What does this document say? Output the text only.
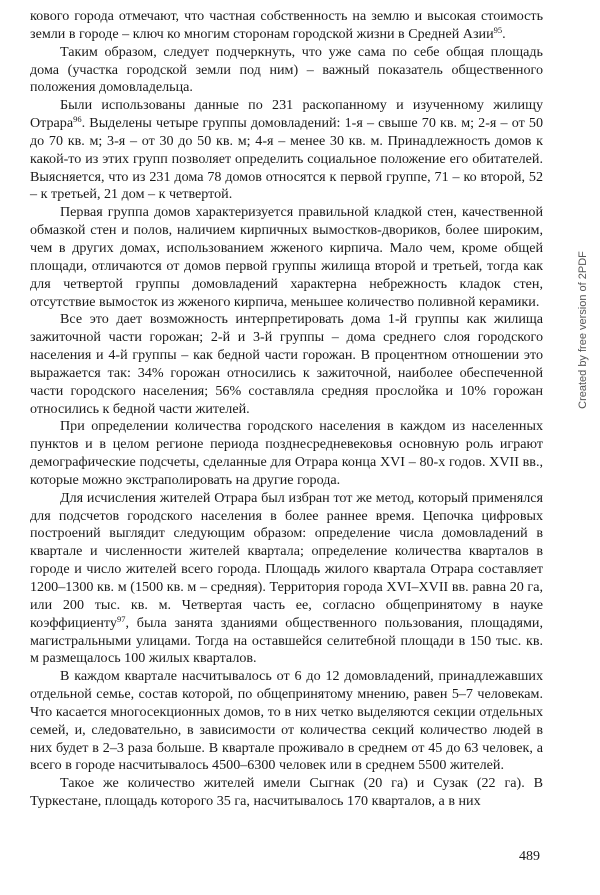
кового города отмечают, что частная собственность на землю и высокая стоимость земли в городе – ключ ко многим сторонам городской жизни в Средней Азии$^{95}$.

Таким образом, следует подчеркнуть, что уже сама по себе общая площадь дома (участка городской земли под ним) – важный показатель общественного положения домовладельца.

Были использованы данные по 231 раскопанному и изученному жилищу Отрара$^{96}$. Выделены четыре группы домовладений: 1-я – свыше 70 кв. м; 2-я – от 50 до 70 кв. м; 3-я – от 30 до 50 кв. м; 4-я – менее 30 кв. м. Принадлежность домов к какой-то из этих групп позволяет определить социальное положение его обитателей. Выясняется, что из 231 дома 78 домов относятся к первой группе, 71 – ко второй, 52 – к третьей, 21 дом – к четвертой.

Первая группа домов характеризуется правильной кладкой стен, качественной обмазкой стен и полов, наличием кирпичных вымостков-двориков, более широким, чем в других домах, использованием жженого кирпича. Мало чем, кроме общей площади, отличаются от домов первой группы жилища второй и третьей, тогда как для четвертой группы домовладений характерна небрежность кладок стен, отсутствие вымосток из жженого кирпича, меньшее количество поливной керамики.

Все это дает возможность интерпретировать дома 1-й группы как жилища зажиточной части горожан; 2-й и 3-й группы – дома среднего слоя городского населения и 4-й группы – как бедной части горожан. В процентном отношении это выражается так: 34% горожан относились к зажиточной, наиболее обеспеченной части городского населения; 56% составляла средняя прослойка и 10% горожан относились к бедной части жителей.

При определении количества городского населения в каждом из населенных пунктов и в целом регионе периода позднесредневековья основную роль играют демографические подсчеты, сделанные для Отрара конца XVI – 80-х годов. XVII вв., которые можно экстраполировать на другие города.

Для исчисления жителей Отрара был избран тот же метод, который применялся для подсчетов городского населения в более раннее время. Цепочка цифровых построений выглядит следующим образом: определение числа домовладений в квартале и численности жителей квартала; определение количества кварталов в городе и число жителей всего города. Площадь жилого квартала Отрара составляет 1200–1300 кв. м (1500 кв. м – средняя). Территория города XVI–XVII вв. равна 20 га, или 200 тыс. кв. м. Четвертая часть ее, согласно общепринятому в науке коэффициенту$^{97}$, была занята зданиями общественного пользования, площадями, магистральными улицами. Тогда на оставшейся селитебной площади в 150 тыс. кв. м размещалось 100 жилых кварталов.

В каждом квартале насчитывалось от 6 до 12 домовладений, принадлежавших отдельной семье, состав которой, по общепринятому мнению, равен 5–7 человекам. Что касается многосекционных домов, то в них четко выделяются секции отдельных семей, и, следовательно, в зависимости от количества секций количество людей в них будет в 2–3 раза больше. В квартале проживало в среднем от 45 до 63 человек, а всего в городе насчитывалось 4500–6300 человек или в среднем 5500 жителей.

Такое же количество жителей имели Сыгнак (20 га) и Сузак (22 га). В Туркестане, площадь которого 35 га, насчитывалось 170 кварталов, а в них

489
Created by free version of 2PDF
